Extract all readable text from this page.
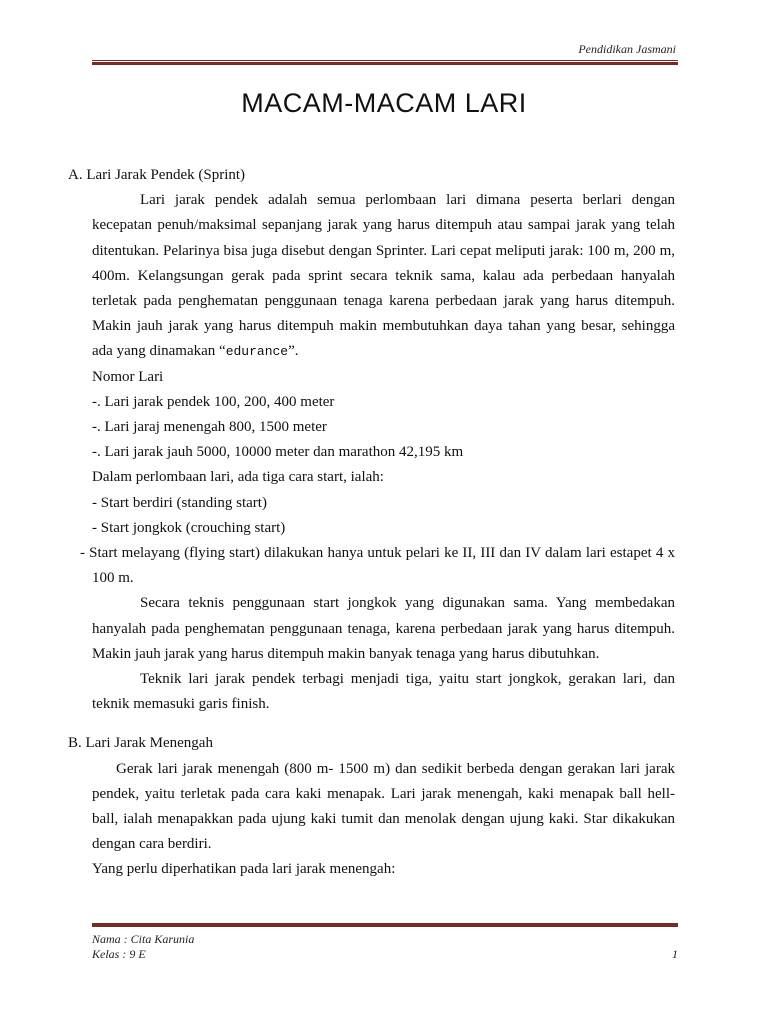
Pendidikan Jasmani
MACAM-MACAM LARI

A. Lari Jarak Pendek (Sprint)

Lari jarak pendek adalah semua perlombaan lari dimana peserta berlari dengan kecepatan penuh/maksimal sepanjang jarak yang harus ditempuh atau sampai jarak yang telah ditentukan. Pelarinya bisa juga disebut dengan Sprinter. Lari cepat meliputi jarak: 100 m, 200 m, 400m. Kelangsungan gerak pada sprint secara teknik sama, kalau ada perbedaan hanyalah terletak pada penghematan penggunaan tenaga karena perbedaan jarak yang harus ditempuh. Makin jauh jarak yang harus ditempuh makin membutuhkan daya tahan yang besar, sehingga ada yang dinamakan “edurance”.

Nomor Lari

-. Lari jarak pendek 100, 200, 400 meter

-. Lari jaraj menengah 800, 1500 meter

-. Lari jarak jauh 5000, 10000 meter dan marathon 42,195 km

Dalam perlombaan lari, ada tiga cara start, ialah:

- Start berdiri (standing start)

- Start jongkok (crouching start)

- Start melayang (flying start) dilakukan hanya untuk pelari ke II, III dan IV dalam lari estapet 4 x 100 m.

Secara teknis penggunaan start jongkok yang digunakan sama. Yang membedakan hanyalah pada penghematan penggunaan tenaga, karena perbedaan jarak yang harus ditempuh. Makin jauh jarak yang harus ditempuh makin banyak tenaga yang harus dibutuhkan.

Teknik lari jarak pendek terbagi menjadi tiga, yaitu start jongkok, gerakan lari, dan teknik memasuki garis finish.

B. Lari Jarak Menengah

Gerak lari jarak menengah (800 m- 1500 m) dan sedikit berbeda dengan gerakan lari jarak pendek, yaitu terletak pada cara kaki menapak. Lari jarak menengah, kaki menapak ball hell-ball, ialah menapakkan pada ujung kaki tumit dan menolak dengan ujung kaki. Star dikakukan dengan cara berdiri.

Yang perlu diperhatikan pada lari jarak menengah:

Nama : Cita Karunia
Kelas : 9 E	1
